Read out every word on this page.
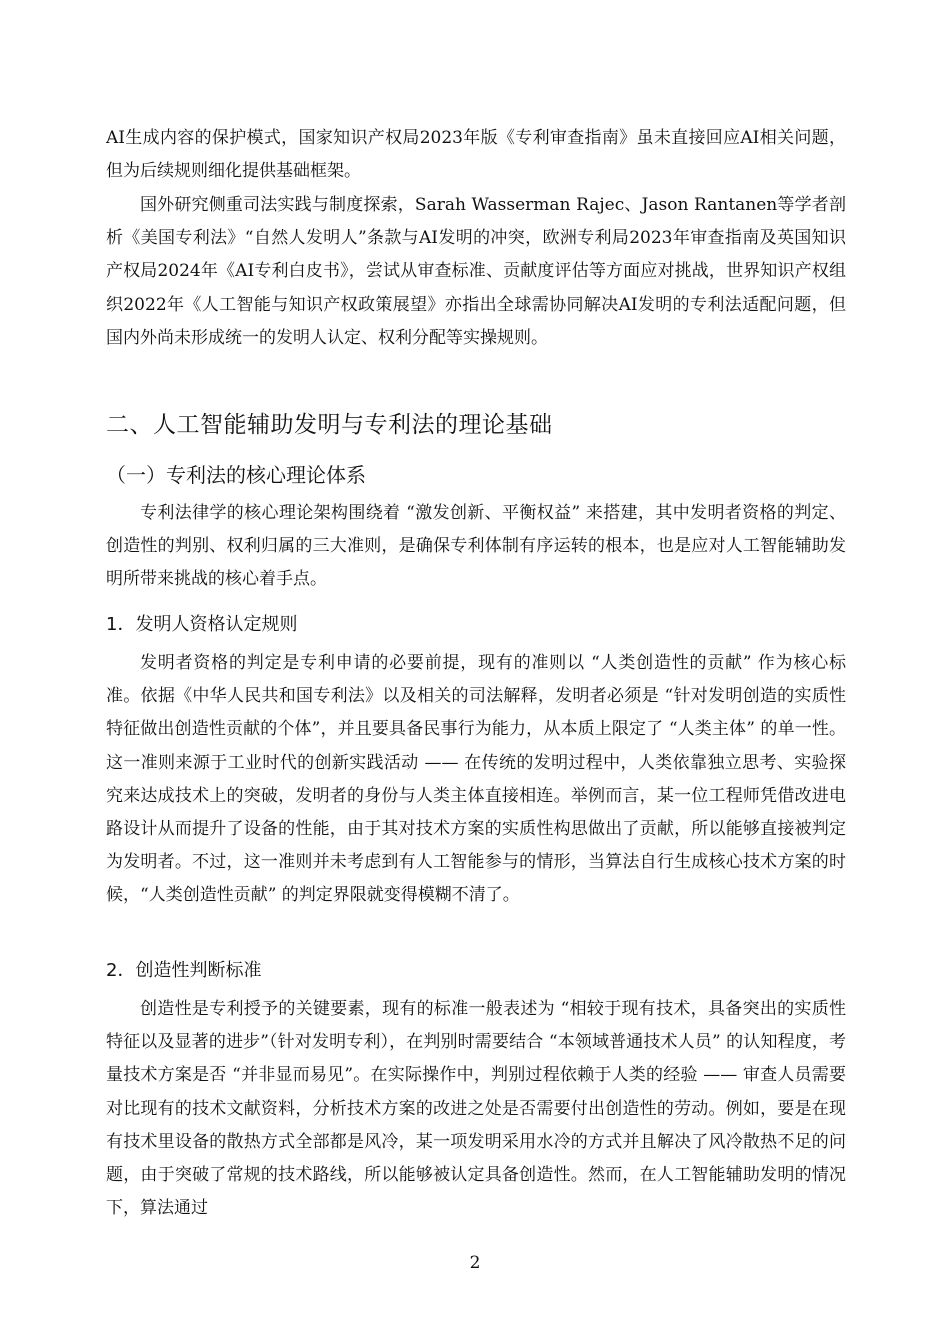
AI生成内容的保护模式，国家知识产权局2023年版《专利审查指南》虽未直接回应AI相关问题，但为后续规则细化提供基础框架。

国外研究侧重司法实践与制度探索，Sarah Wasserman Rajec、Jason Rantanen等学者剖析《美国专利法》“自然人发明人”条款与AI发明的冲突，欧洲专利局2023年审查指南及英国知识产权局2024年《AI专利白皮书》，尝试从审查标准、贡献度评估等方面应对挑战，世界知识产权组织2022年《人工智能与知识产权政策展望》亦指出全球需协同解决AI发明的专利法适配问题，但国内外尚未形成统一的发明人认定、权利分配等实操规则。

二、人工智能辅助发明与专利法的理论基础
（一）专利法的核心理论体系

专利法律学的核心理论架构围绕着 “激发创新、平衡权益” 来搭建，其中发明者资格的判定、创造性的判别、权利归属的三大准则，是确保专利体制有序运转的根本，也是应对人工智能辅助发明所带来挑战的核心着手点。

1．发明人资格认定规则

发明者资格的判定是专利申请的必要前提，现有的准则以 “人类创造性的贡献” 作为核心标准。依据《中华人民共和国专利法》以及相关的司法解释，发明者必须是 “针对发明创造的实质性特征做出创造性贡献的个体”，并且要具备民事行为能力，从本质上限定了 “人类主体” 的单一性。这一准则来源于工业时代的创新实践活动 —— 在传统的发明过程中，人类依靠独立思考、实验探究来达成技术上的突破，发明者的身份与人类主体直接相连。举例而言，某一位工程师凭借改进电路设计从而提升了设备的性能，由于其对技术方案的实质性构思做出了贡献，所以能够直接被判定为发明者。不过，这一准则并未考虑到有人工智能参与的情形，当算法自行生成核心技术方案的时候，“人类创造性贡献” 的判定界限就变得模糊不清了。

2．创造性判断标准

创造性是专利授予的关键要素，现有的标准一般表述为 “相较于现有技术，具备突出的实质性特征以及显著的进步”（针对发明专利），在判别时需要结合 “本领域普通技术人员” 的认知程度，考量技术方案是否 “并非显而易见”。在实际操作中，判别过程依赖于人类的经验 —— 审查人员需要对比现有的技术文献资料，分析技术方案的改进之处是否需要付出创造性的劳动。例如，要是在现有技术里设备的散热方式全部都是风冷，某一项发明采用水冷的方式并且解决了风冷散热不足的问题，由于突破了常规的技术路线，所以能够被认定具备创造性。然而，在人工智能辅助发明的情况下，算法通过

2
